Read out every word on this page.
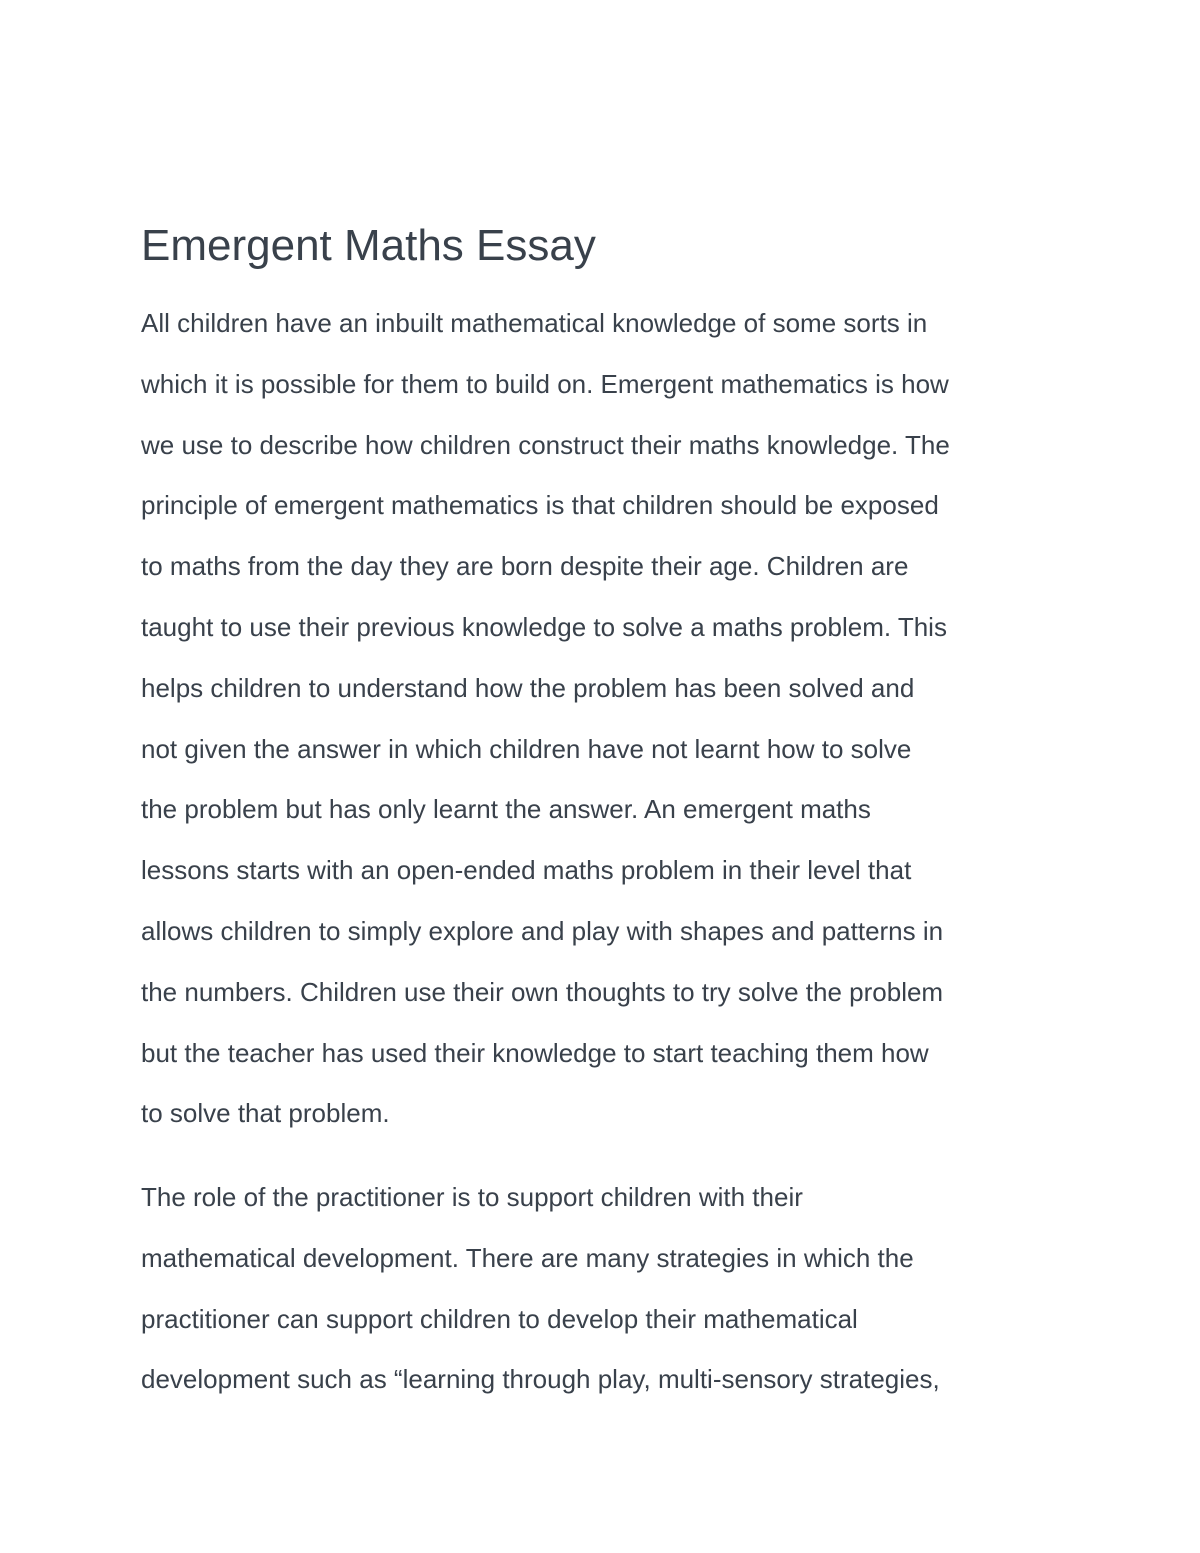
Emergent Maths Essay
All children have an inbuilt mathematical knowledge of some sorts in
which it is possible for them to build on. Emergent mathematics is how
we use to describe how children construct their maths knowledge. The
principle of emergent mathematics is that children should be exposed
to maths from the day they are born despite their age. Children are
taught to use their previous knowledge to solve a maths problem. This
helps children to understand how the problem has been solved and
not given the answer in which children have not learnt how to solve
the problem but has only learnt the answer. An emergent maths
lessons starts with an open-ended maths problem in their level that
allows children to simply explore and play with shapes and patterns in
the numbers. Children use their own thoughts to try solve the problem
but the teacher has used their knowledge to start teaching them how
to solve that problem.
The role of the practitioner is to support children with their
mathematical development. There are many strategies in which the
practitioner can support children to develop their mathematical
development such as “learning through play, multi-sensory strategies,
